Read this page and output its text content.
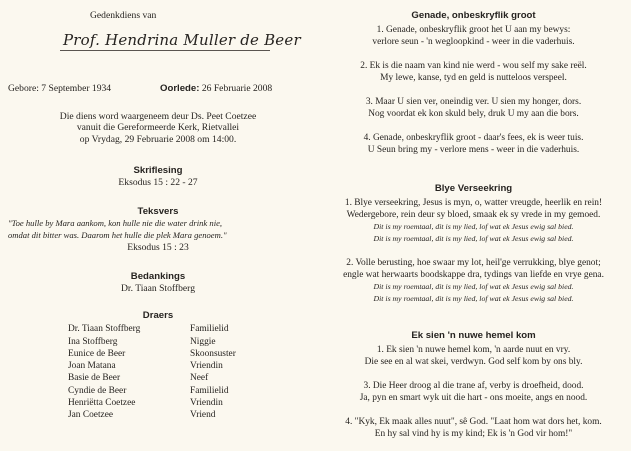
Gedenkdiens van
Prof. Hendrina Muller de Beer
Gebore: 7 September 1934	Oorlede: 26 Februarie 2008
Die diens word waargeneem deur Ds. Peet Coetzee
vanuit die Gereformeerde Kerk, Rietvallei
op Vrydag, 29 Februarie 2008 om 14:00.
Skriflesing
Eksodus 15 : 22 - 27
Teksvers
"Toe hulle by Mara aankom, kon hulle nie die water drink nie,
omdat dit bitter was. Daarom het hulle die plek Mara genoem."
Eksodus 15 : 23
Bedankings
Dr. Tiaan Stoffberg
Draers
Dr. Tiaan Stoffberg	Familielid
Ina Stoffberg	Niggie
Eunice de Beer	Skoonsuster
Joan Matana	Vriendin
Basie de Beer	Neef
Cyndie de Beer	Familielid
Henriëtta Coetzee	Vriendin
Jan Coetzee	Vriend
Genade, onbeskryflik groot
1. Genade, onbeskryflik groot het U aan my bewys:
verlore seun - 'n wegloopkind - weer in die vaderhuis.
2. Ek is die naam van kind nie werd - wou self my sake reël.
My lewe, kanse, tyd en geld is nutteloos verspeel.
3. Maar U sien ver, oneindig ver. U sien my honger, dors.
Nog voordat ek kon skuld bely, druk U my aan die bors.
4. Genade, onbeskryflik groot - daar's fees, ek is weer tuis.
U Seun bring my - verlore mens - weer in die vaderhuis.
Blye Verseekring
1. Blye verseekring, Jesus is myn, o, watter vreugde, heerlik en rein!
Wedergebore, rein deur sy bloed, smaak ek sy vrede in my gemoed.
Dit is my roemtaal, dit is my lied, lof wat ek Jesus ewig sal bied.
Dit is my roemtaal, dit is my lied, lof wat ek Jesus ewig sal bied.
2. Volle berusting, hoe swaar my lot, heil'ge verrukking, blye genot;
engle wat herwaarts boodskappe dra, tydings van liefde en vrye gena.
Dit is my roemtaal, dit is my lied, lof wat ek Jesus ewig sal bied.
Dit is my roemtaal, dit is my lied, lof wat ek Jesus ewig sal bied.
Ek sien 'n nuwe hemel kom
1. Ek sien 'n nuwe hemel kom, 'n aarde nuut en vry.
Die see en al wat skei, verdwyn. God self kom by ons bly.
3. Die Heer droog al die trane af, verby is droefheid, dood.
Ja, pyn en smart wyk uit die hart - ons moeite, angs en nood.
4. "Kyk, Ek maak alles nuut", sê God. "Laat hom wat dors het, kom.
En hy sal vind hy is my kind; Ek is 'n God vir hom!"
